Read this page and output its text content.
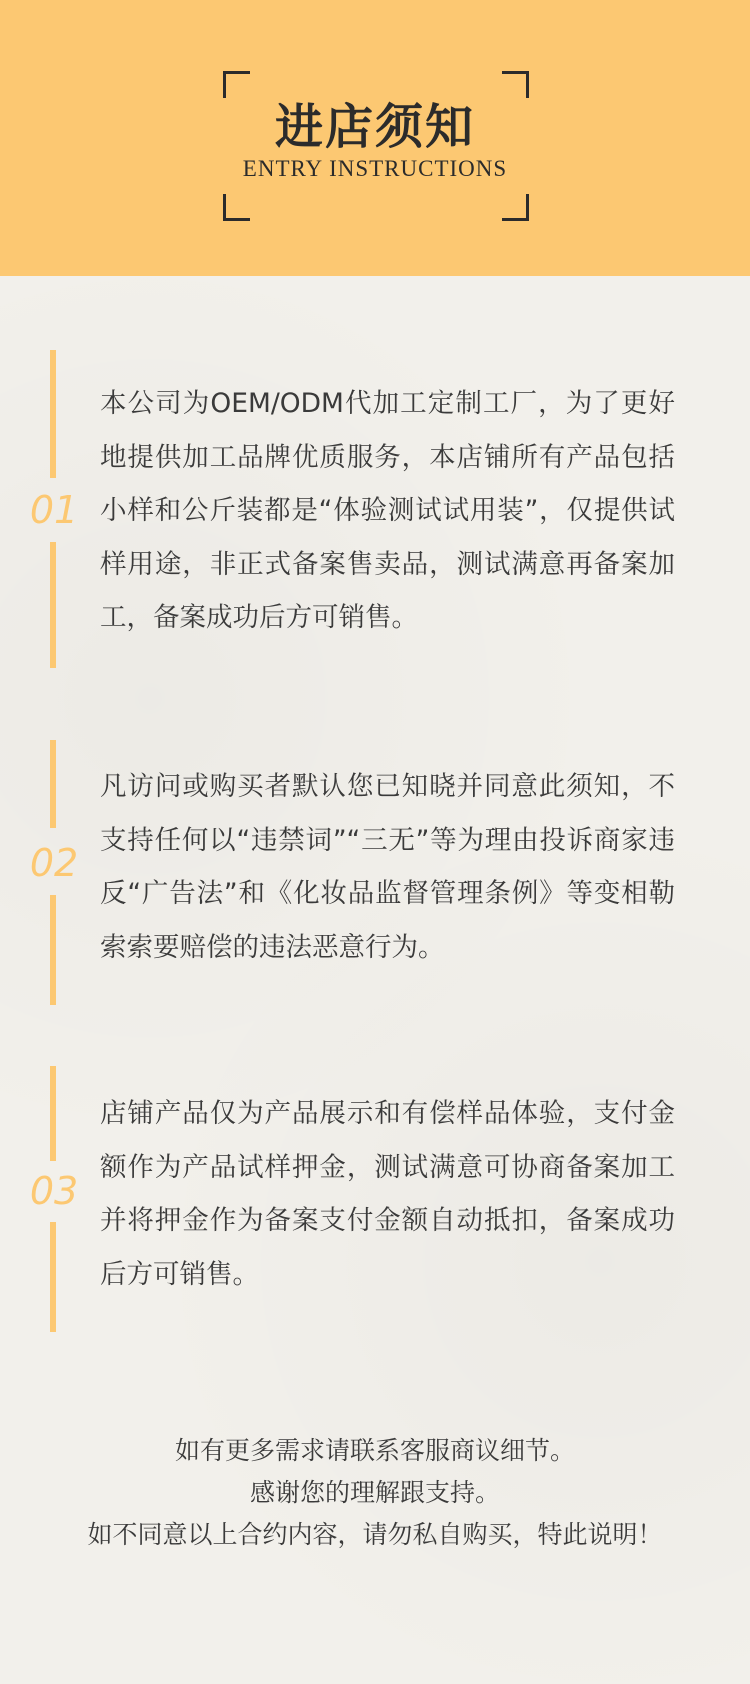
进店须知
ENTRY INSTRUCTIONS
01

本公司为OEM/ODM代加工定制工厂，为了更好地提供加工品牌优质服务，本店铺所有产品包括小样和公斤装都是“体验测试试用装”，仅提供试样用途，非正式备案售卖品，测试满意再备案加工，备案成功后方可销售。

02

凡访问或购买者默认您已知晓并同意此须知，不支持任何以“违禁词”“三无”等为理由投诉商家违反“广告法”和《化妆品监督管理条例》等变相勒索索要赔偿的违法恶意行为。

03

店铺产品仅为产品展示和有偿样品体验，支付金额作为产品试样押金，测试满意可协商备案加工并将押金作为备案支付金额自动抵扣，备案成功后方可销售。

如有更多需求请联系客服商议细节。
感谢您的理解跟支持。
如不同意以上合约内容，请勿私自购买，特此说明！
